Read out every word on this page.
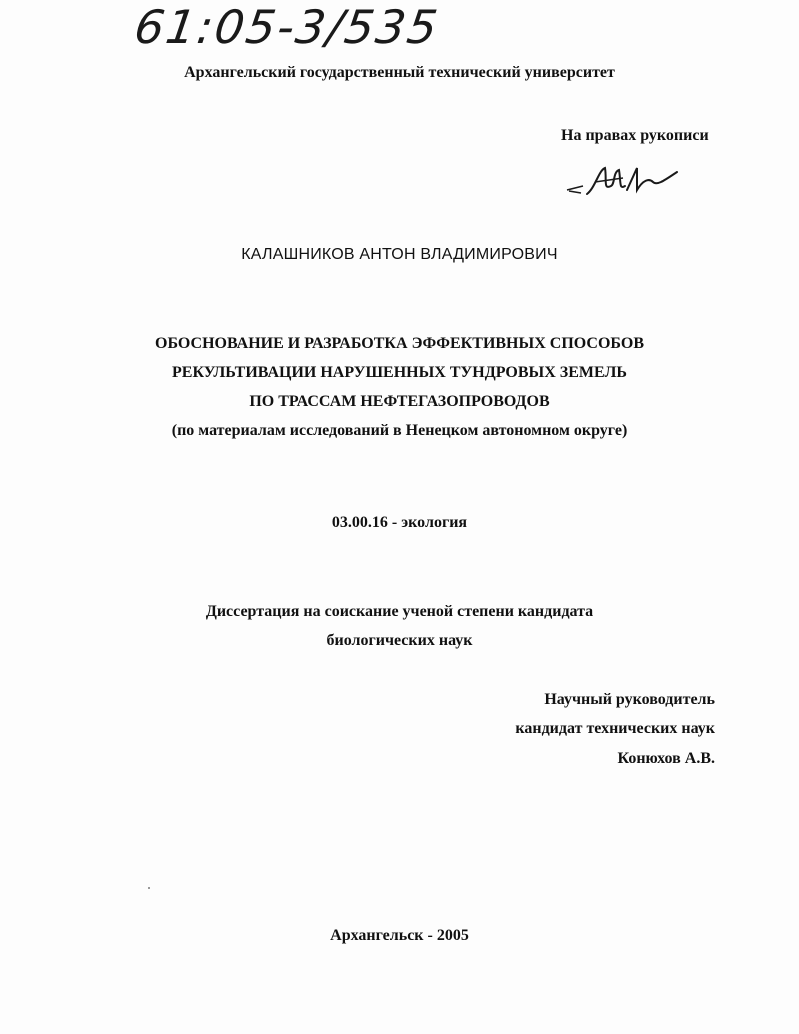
61:05-3/535
Архангельский государственный технический университет
На правах рукописи
КАЛАШНИКОВ АНТОН ВЛАДИМИРОВИЧ
ОБОСНОВАНИЕ И РАЗРАБОТКА ЭФФЕКТИВНЫХ СПОСОБОВ
РЕКУЛЬТИВАЦИИ НАРУШЕННЫХ ТУНДРОВЫХ ЗЕМЕЛЬ
ПО ТРАССАМ НЕФТЕГАЗОПРОВОДОВ
(по материалам исследований в Ненецком автономном округе)
03.00.16 - экология
Диссертация на соискание ученой степени кандидата
биологических наук
Научный руководитель
кандидат технических наук
Конюхов А.В.
Архангельск - 2005
